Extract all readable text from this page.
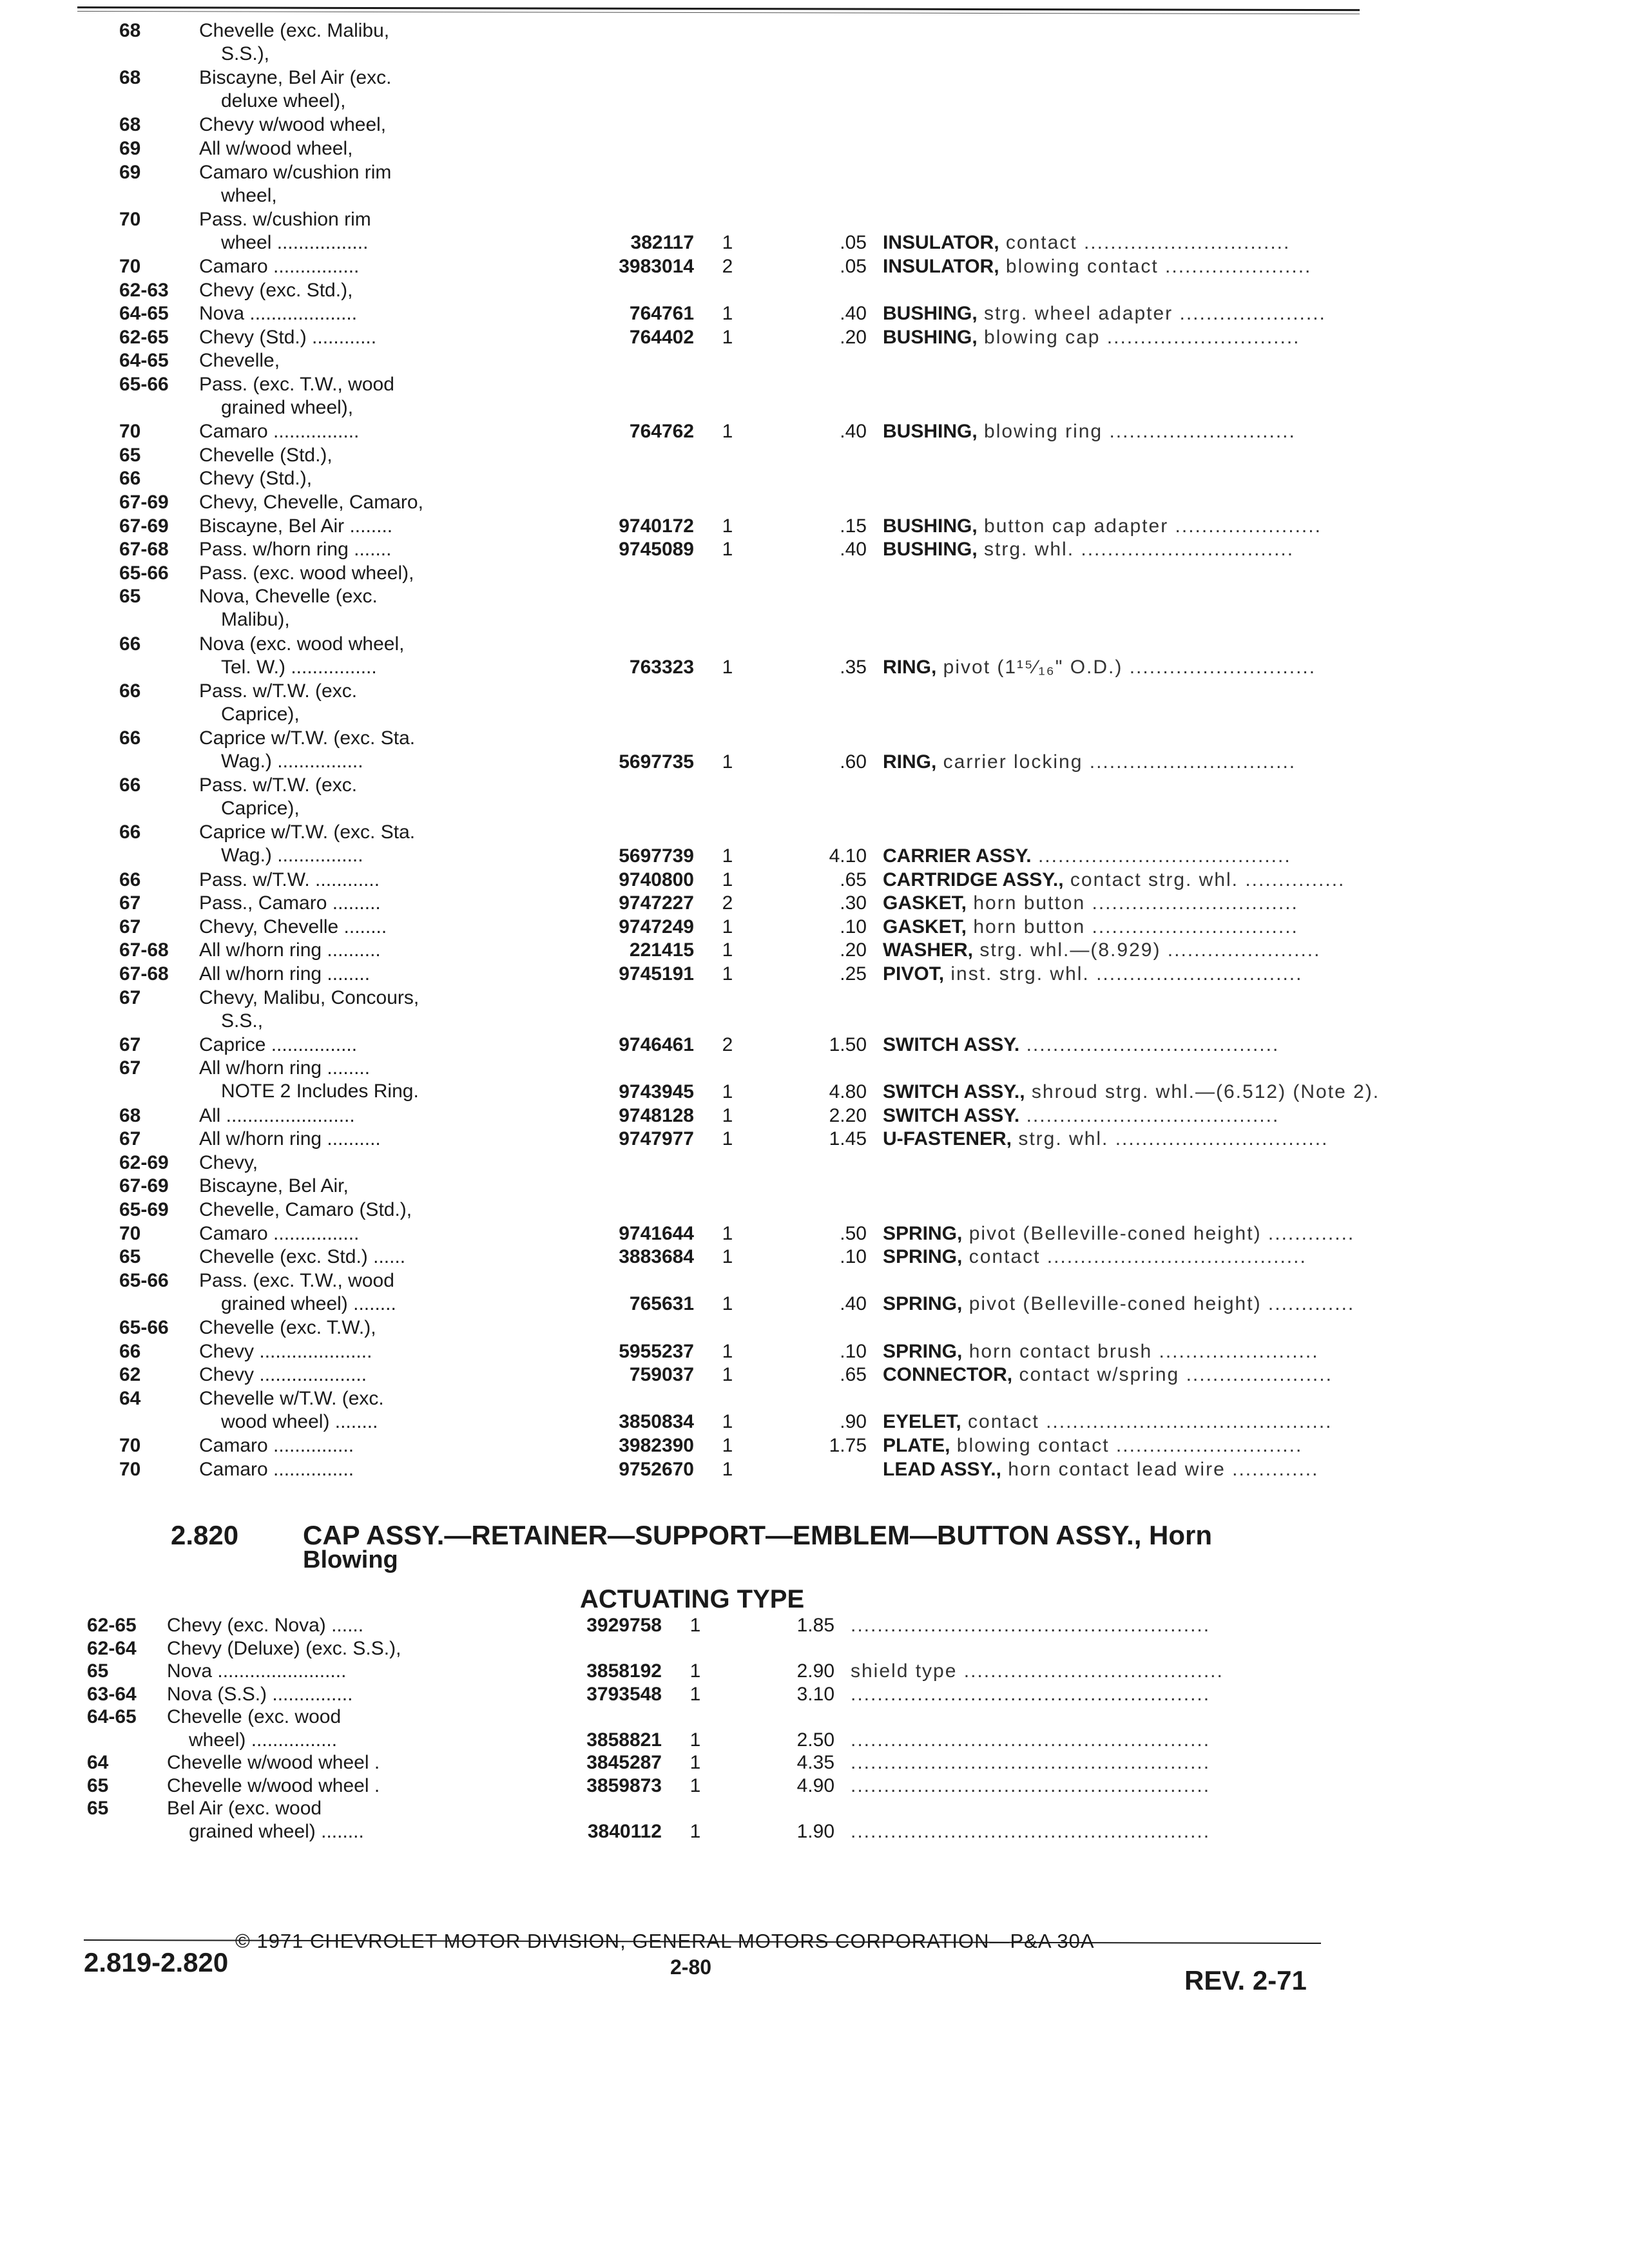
68	Chevelle (exc. Malibu,
S.S.),
68	Biscayne, Bel Air (exc.
deluxe wheel),
68	Chevy w/wood wheel,
69	All w/wood wheel,
69	Camaro w/cushion rim
wheel,
70	Pass. w/cushion rim
wheel .................	382117	1	.05 INSULATOR, contact ...............................
70	Camaro ................	3983014	2	.05 INSULATOR, blowing contact ......................
62-63 Chevy (exc. Std.),
64-65 Nova ....................	764761	1	.40 BUSHING, strg. wheel adapter ......................
62-65 Chevy (Std.) ............	764402	1	.20 BUSHING, blowing cap .............................
64-65 Chevelle,
65-66 Pass. (exc. T.W., wood
grained wheel),
70	Camaro ................	764762	1	.40 BUSHING, blowing ring ............................
65	Chevelle (Std.),
66	Chevy (Std.),
67-69 Chevy, Chevelle, Camaro,
67-69 Biscayne, Bel Air ........	9740172	1	.15 BUSHING, button cap adapter ......................
67-68 Pass. w/horn ring .......	9745089	1	.40 BUSHING, strg. whl. ................................
65-66 Pass. (exc. wood wheel),
65	Nova, Chevelle (exc.
Malibu),
66	Nova (exc. wood wheel,
Tel. W.) ................	763323	1	.35 RING, pivot (1¹⁵⁄₁₆" O.D.) ............................
66	Pass. w/T.W. (exc.
Caprice),
66	Caprice w/T.W. (exc. Sta.
Wag.) ................	5697735	1	.60 RING, carrier locking ...............................
66	Pass. w/T.W. (exc.
Caprice),
66	Caprice w/T.W. (exc. Sta.
Wag.) ................	5697739	1	4.10 CARRIER ASSY. ......................................
66	Pass. w/T.W. ............	9740800	1	.65 CARTRIDGE ASSY., contact strg. whl. ...............
67	Pass., Camaro .........	9747227	2	.30 GASKET, horn button ...............................
67	Chevy, Chevelle ........	9747249	1	.10 GASKET, horn button ...............................
67-68 All w/horn ring ..........	221415	1	.20 WASHER, strg. whl.—(8.929) .......................
67-68 All w/horn ring ........	9745191	1	.25 PIVOT, inst. strg. whl. ...............................
67	Chevy, Malibu, Concours,
S.S.,
67	Caprice ................	9746461	2	1.50 SWITCH ASSY. ......................................
67	All w/horn ring ........
NOTE 2 Includes Ring.	9743945	1	4.80 SWITCH ASSY., shroud strg. whl.—(6.512) (Note 2).
68	All ........................	9748128	1	2.20 SWITCH ASSY. ......................................
67	All w/horn ring ..........	9747977	1	1.45 U-FASTENER, strg. whl. ................................
62-69 Chevy,
67-69 Biscayne, Bel Air,
65-69 Chevelle, Camaro (Std.),
70	Camaro ................	9741644	1	.50 SPRING, pivot (Belleville-coned height) .............
65	Chevelle (exc. Std.) ......	3883684	1	.10 SPRING, contact .......................................
65-66 Pass. (exc. T.W., wood
grained wheel) ........	765631	1	.40 SPRING, pivot (Belleville-coned height) .............
65-66 Chevelle (exc. T.W.),
66	Chevy .....................	5955237	1	.10 SPRING, horn contact brush ........................
62	Chevy ....................	759037	1	.65 CONNECTOR, contact w/spring ......................
64	Chevelle w/T.W. (exc.
wood wheel) ........	3850834	1	.90 EYELET, contact ...........................................
70	Camaro ...............	3982390	1	1.75 PLATE, blowing contact ............................
70	Camaro ...............	9752670	1	LEAD ASSY., horn contact lead wire .............
2.820 CAP ASSY.—RETAINER—SUPPORT—EMBLEM—BUTTON ASSY., Horn
Blowing
ACTUATING TYPE
62-65 Chevy (exc. Nova) ......	3929758	1	1.85 ......................................................
62-64 Chevy (Deluxe) (exc. S.S.),
65	Nova ........................	3858192	1	2.90 shield type .......................................
63-64 Nova (S.S.) ...............	3793548	1	3.10 ......................................................
64-65 Chevelle (exc. wood
wheel) ................	3858821	1	2.50 ......................................................
64	Chevelle w/wood wheel .	3845287	1	4.35 ......................................................
65	Chevelle w/wood wheel .	3859873	1	4.90 ......................................................
65	Bel Air (exc. wood
grained wheel) ........	3840112	1	1.90 ......................................................
© 1971 CHEVROLET MOTOR DIVISION, GENERAL MOTORS CORPORATION—P&A 30A
2.819-2.820	2-80	REV. 2-71
